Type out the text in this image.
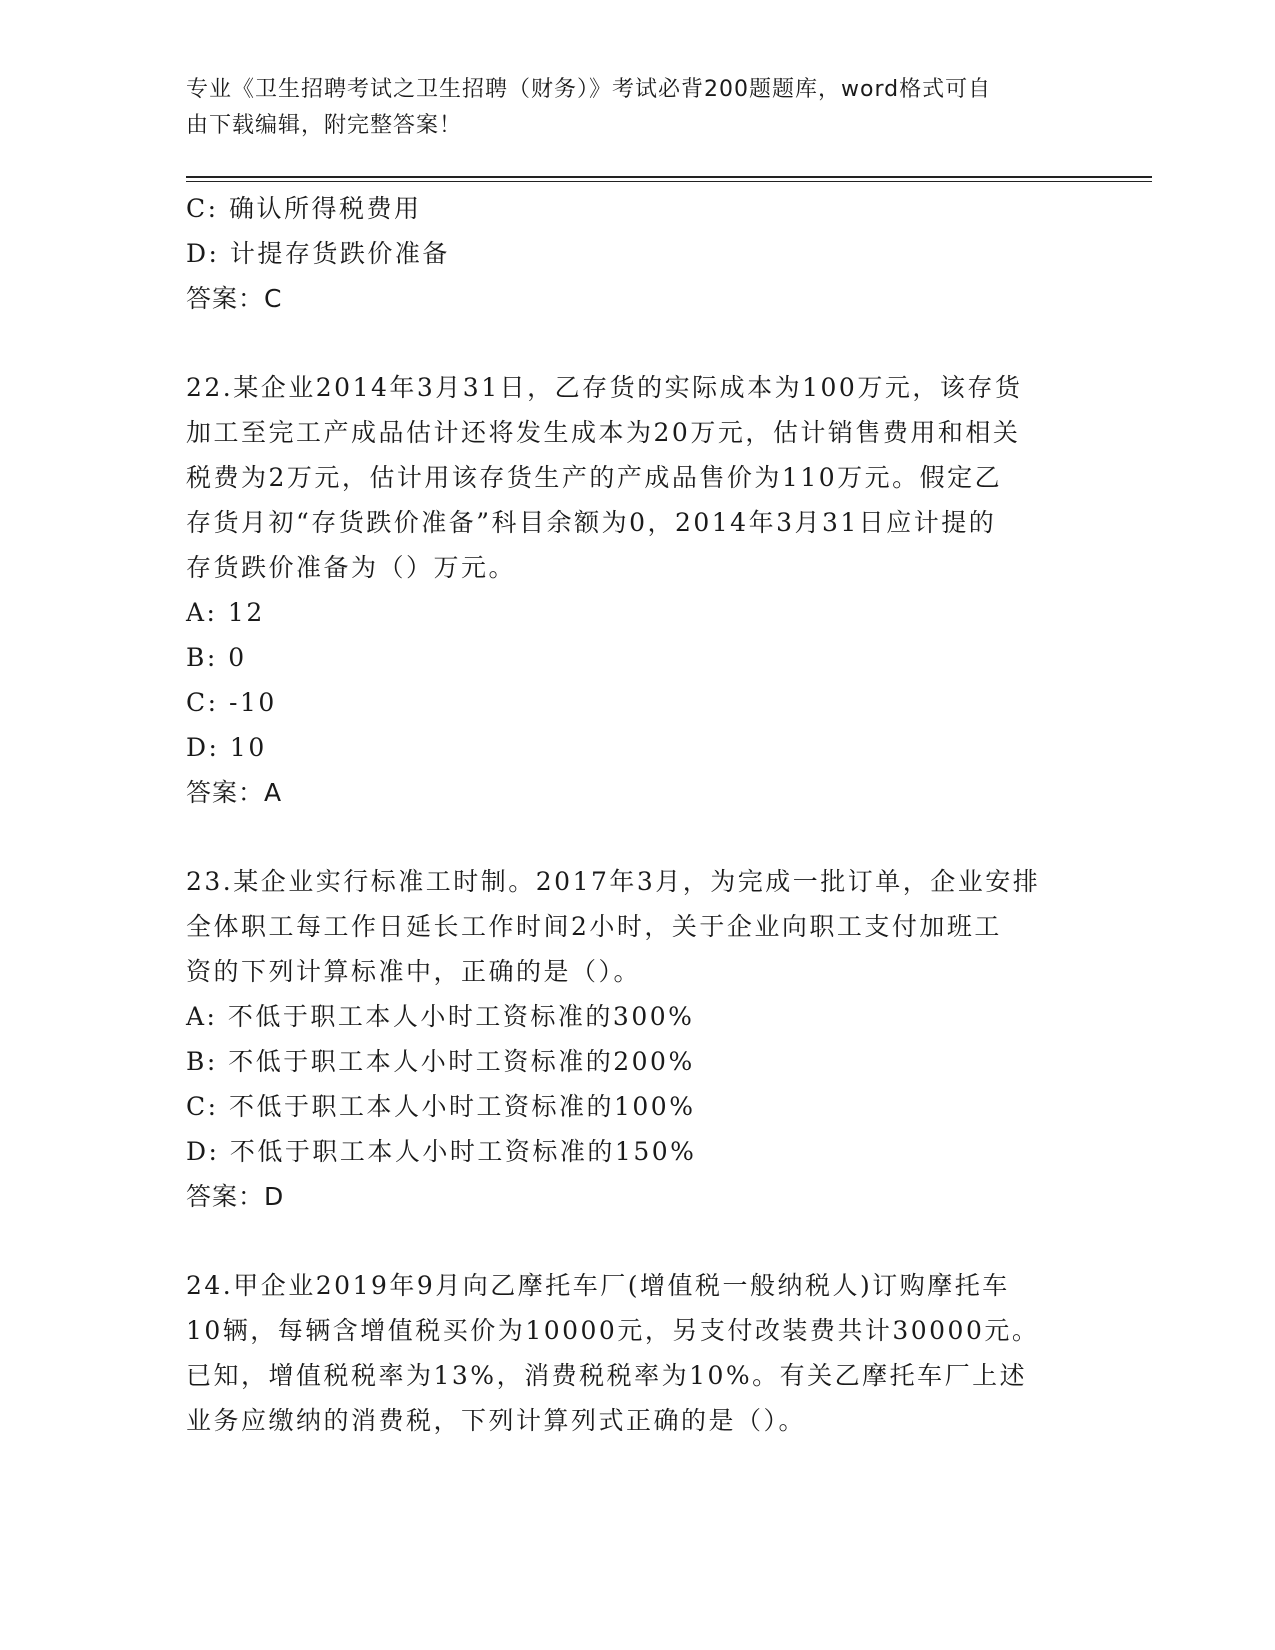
专业《卫生招聘考试之卫生招聘（财务）》考试必背200题题库，word格式可自
由下载编辑，附完整答案！
C: 确认所得税费用
D: 计提存货跌价准备
答案：C
22.某企业2014年3月31日，乙存货的实际成本为100万元，该存货
加工至完工产成品估计还将发生成本为20万元，估计销售费用和相关
税费为2万元，估计用该存货生产的产成品售价为110万元。假定乙
存货月初“存货跌价准备”科目余额为0，2014年3月31日应计提的
存货跌价准备为（）万元。
A: 12
B: 0
C: -10
D: 10
答案：A
23.某企业实行标准工时制。2017年3月，为完成一批订单，企业安排
全体职工每工作日延长工作时间2小时，关于企业向职工支付加班工
资的下列计算标准中，正确的是（）。
A: 不低于职工本人小时工资标准的300%
B: 不低于职工本人小时工资标准的200%
C: 不低于职工本人小时工资标准的100%
D: 不低于职工本人小时工资标准的150%
答案：D
24.甲企业2019年9月向乙摩托车厂(增值税一般纳税人)订购摩托车
10辆，每辆含增值税买价为10000元，另支付改装费共计30000元。
已知，增值税税率为13%，消费税税率为10%。有关乙摩托车厂上述
业务应缴纳的消费税，下列计算列式正确的是（）。
